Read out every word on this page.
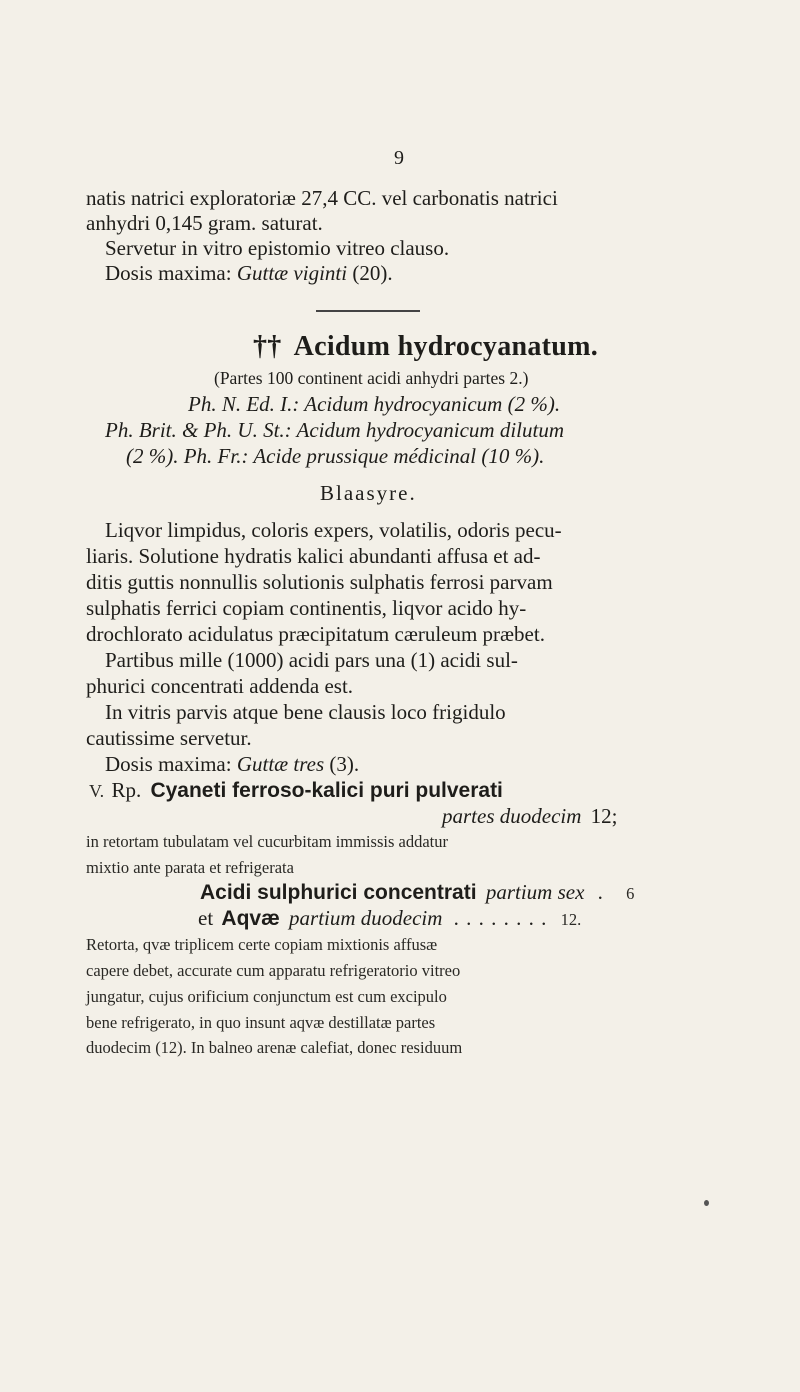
9
natis natrici exploratoriæ 27,4 CC. vel carbonatis natrici
anhydri 0,145 gram. saturat.
Servetur in vitro epistomio vitreo clauso.
Dosis maxima: Guttæ viginti (20).
†† Acidum hydrocyanatum.
(Partes 100 continent acidi anhydri partes 2.)
Ph. N. Ed. I.: Acidum hydrocyanicum (2 %).
Ph. Brit. & Ph. U. St.: Acidum hydrocyanicum dilutum
(2 %). Ph. Fr.: Acide prussique médicinal (10 %).
Blaasyre.
Liqvor limpidus, coloris expers, volatilis, odoris pecu-
liaris. Solutione hydratis kalici abundanti affusa et ad-
ditis guttis nonnullis solutionis sulphatis ferrosi parvam
sulphatis ferrici copiam continentis, liqvor acido hy-
drochlorato acidulatus præcipitatum cæruleum præbet.
Partibus mille (1000) acidi pars una (1) acidi sul-
phurici concentrati addenda est.
In vitris parvis atque bene clausis loco frigidulo
cautissime servetur.
Dosis maxima: Guttæ tres (3).
V. Rp. Cyaneti ferroso-kalici puri pulverati
partes duodecim 12;
in retortam tubulatam vel cucurbitam immissis addatur
mixtio ante parata et refrigerata
Acidi sulphurici concentrati partium sex . 6
et Aqvæ partium duodecim . . . . . . . . 12.
Retorta, qvæ triplicem certe copiam mixtionis affusæ
capere debet, accurate cum apparatu refrigeratorio vitreo
jungatur, cujus orificium conjunctum est cum excipulo
bene refrigerato, in quo insunt aqvæ destillatæ partes
duodecim (12). In balneo arenæ calefiat, donec residuum
